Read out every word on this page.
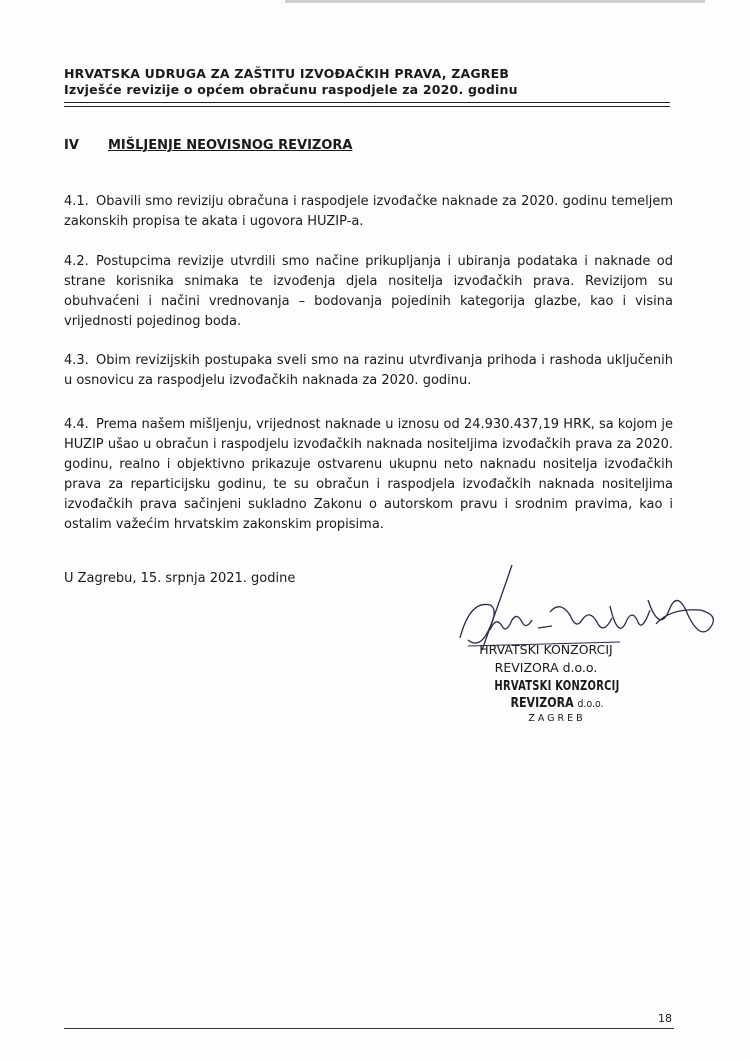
HRVATSKA UDRUGA ZA ZAŠTITU IZVOĐAČKIH PRAVA, ZAGREB
Izvješće revizije o općem obračunu raspodjele za 2020. godinu
IV MIŠLJENJE NEOVISNOG REVIZORA
4.1. Obavili smo reviziju obračuna i raspodjele izvođačke naknade za 2020. godinu temeljem zakonskih propisa te akata i ugovora HUZIP-a.
4.2. Postupcima revizije utvrdili smo načine prikupljanja i ubiranja podataka i naknade od strane korisnika snimaka te izvođenja djela nositelja izvođačkih prava. Revizijom su obuhvaćeni i načini vrednovanja – bodovanja pojedinih kategorija glazbe, kao i visina vrijednosti pojedinog boda.
4.3. Obim revizijskih postupaka sveli smo na razinu utvrđivanja prihoda i rashoda uključenih u osnovicu za raspodjelu izvođačkih naknada za 2020. godinu.
4.4. Prema našem mišljenju, vrijednost naknade u iznosu od 24.930.437,19 HRK, sa kojom je HUZIP ušao u obračun i raspodjelu izvođačkih naknada nositeljima izvođačkih prava za 2020. godinu, realno i objektivno prikazuje ostvarenu ukupnu neto naknadu nositelja izvođačkih prava za reparticijsku godinu, te su obračun i raspodjela izvođačkih naknada nositeljima izvođačkih prava sačinjeni sukladno Zakonu o autorskom pravu i srodnim pravima, kao i ostalim važećim hrvatskim zakonskim propisima.
U Zagrebu, 15. srpnja 2021. godine
HRVATSKI KONZORCIJ
REVIZORA d.o.o.
HRVATSKI KONZORCIJ
REVIZORA d.o.o.
ZAGREB
18
